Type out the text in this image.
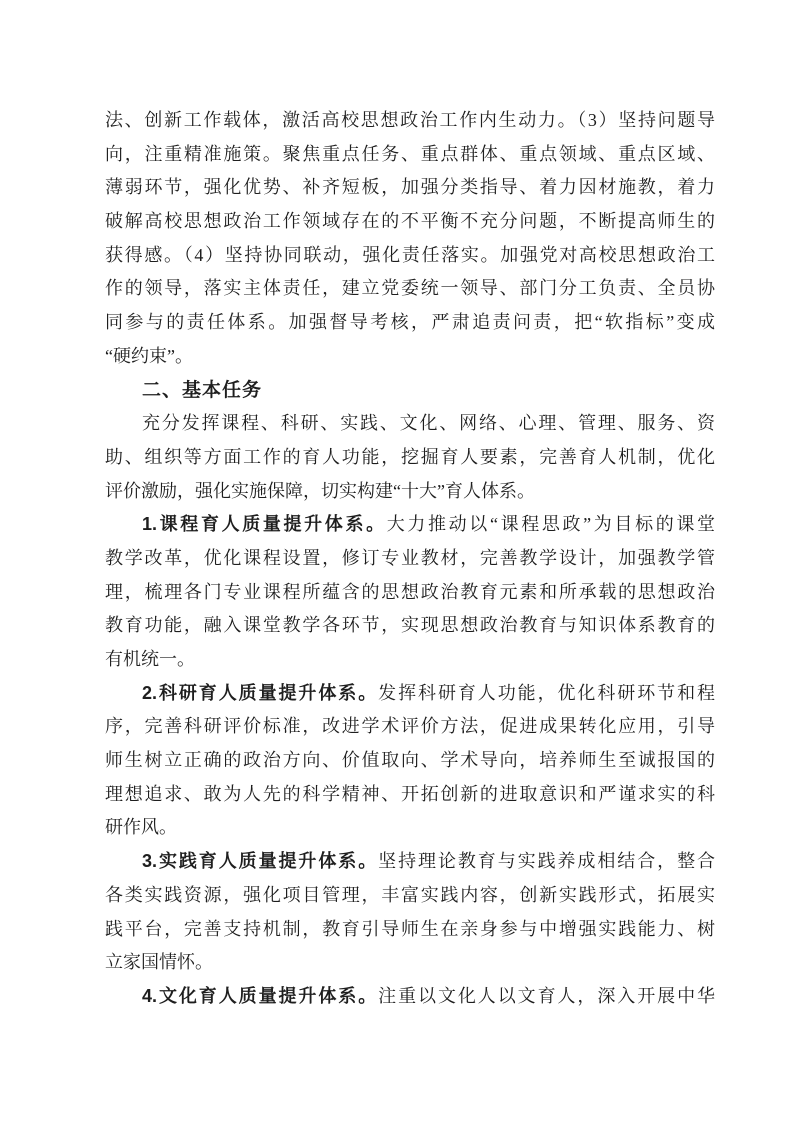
法、创新工作载体，激活高校思想政治工作内生动力。（3）坚持问题导
向，注重精准施策。聚焦重点任务、重点群体、重点领域、重点区域、
薄弱环节，强化优势、补齐短板，加强分类指导、着力因材施教，着力
破解高校思想政治工作领域存在的不平衡不充分问题，不断提高师生的
获得感。（4）坚持协同联动，强化责任落实。加强党对高校思想政治工
作的领导，落实主体责任，建立党委统一领导、部门分工负责、全员协
同参与的责任体系。加强督导考核，严肃追责问责，把“软指标”变成
“硬约束”。
二、基本任务
充分发挥课程、科研、实践、文化、网络、心理、管理、服务、资
助、组织等方面工作的育人功能，挖掘育人要素，完善育人机制，优化
评价激励，强化实施保障，切实构建“十大”育人体系。
1.课程育人质量提升体系。大力推动以“课程思政”为目标的课堂
教学改革，优化课程设置，修订专业教材，完善教学设计，加强教学管
理，梳理各门专业课程所蕴含的思想政治教育元素和所承载的思想政治
教育功能，融入课堂教学各环节，实现思想政治教育与知识体系教育的
有机统一。
2.科研育人质量提升体系。发挥科研育人功能，优化科研环节和程
序，完善科研评价标准，改进学术评价方法，促进成果转化应用，引导
师生树立正确的政治方向、价值取向、学术导向，培养师生至诚报国的
理想追求、敢为人先的科学精神、开拓创新的进取意识和严谨求实的科
研作风。
3.实践育人质量提升体系。坚持理论教育与实践养成相结合，整合
各类实践资源，强化项目管理，丰富实践内容，创新实践形式，拓展实
践平台，完善支持机制，教育引导师生在亲身参与中增强实践能力、树
立家国情怀。
4.文化育人质量提升体系。注重以文化人以文育人，深入开展中华
